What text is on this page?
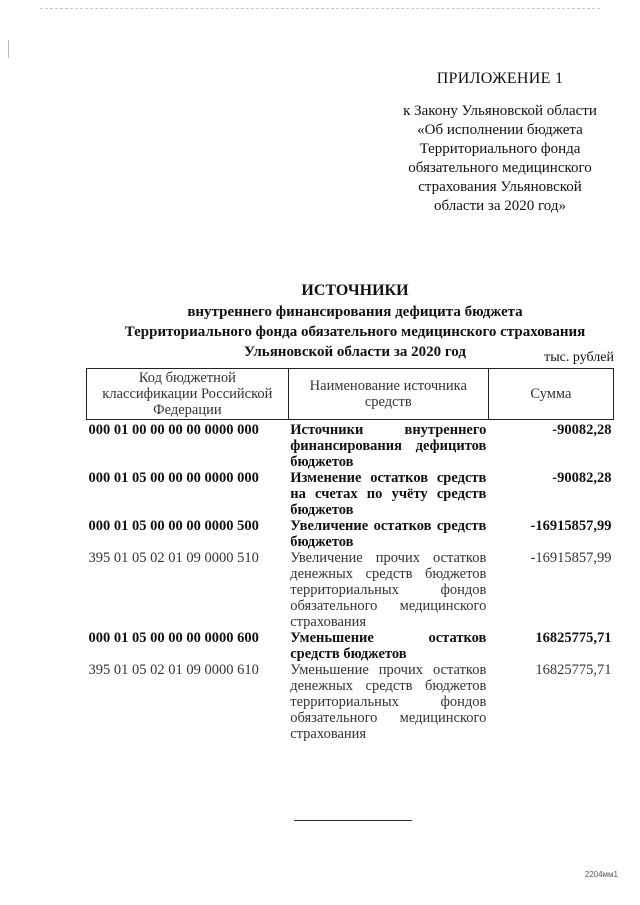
ПРИЛОЖЕНИЕ 1
к Закону Ульяновской области
«Об исполнении бюджета
Территориального фонда
обязательного медицинского
страхования Ульяновской
области за 2020 год»
ИСТОЧНИКИ
внутреннего финансирования дефицита бюджета
Территориального фонда обязательного медицинского страхования
Ульяновской области за 2020 год	тыс. рублей
Код бюджетной классификации Российской Федерации	Наименование источника средств	Сумма
000 01 00 00 00 00 0000 000	Источники внутреннего финансирования дефицитов бюджетов	-90082,28
000 01 05 00 00 00 0000 000	Изменение остатков средств на счетах по учёту средств бюджетов	-90082,28
000 01 05 00 00 00 0000 500	Увеличение остатков средств бюджетов	-16915857,99
395 01 05 02 01 09 0000 510	Увеличение прочих остатков денежных средств бюджетов территориальных фондов обязательного медицинского страхования	-16915857,99
000 01 05 00 00 00 0000 600	Уменьшение остатков средств бюджетов	16825775,71
395 01 05 02 01 09 0000 610	Уменьшение прочих остатков денежных средств бюджетов территориальных фондов обязательного медицинского страхования	16825775,71
2204мм1
